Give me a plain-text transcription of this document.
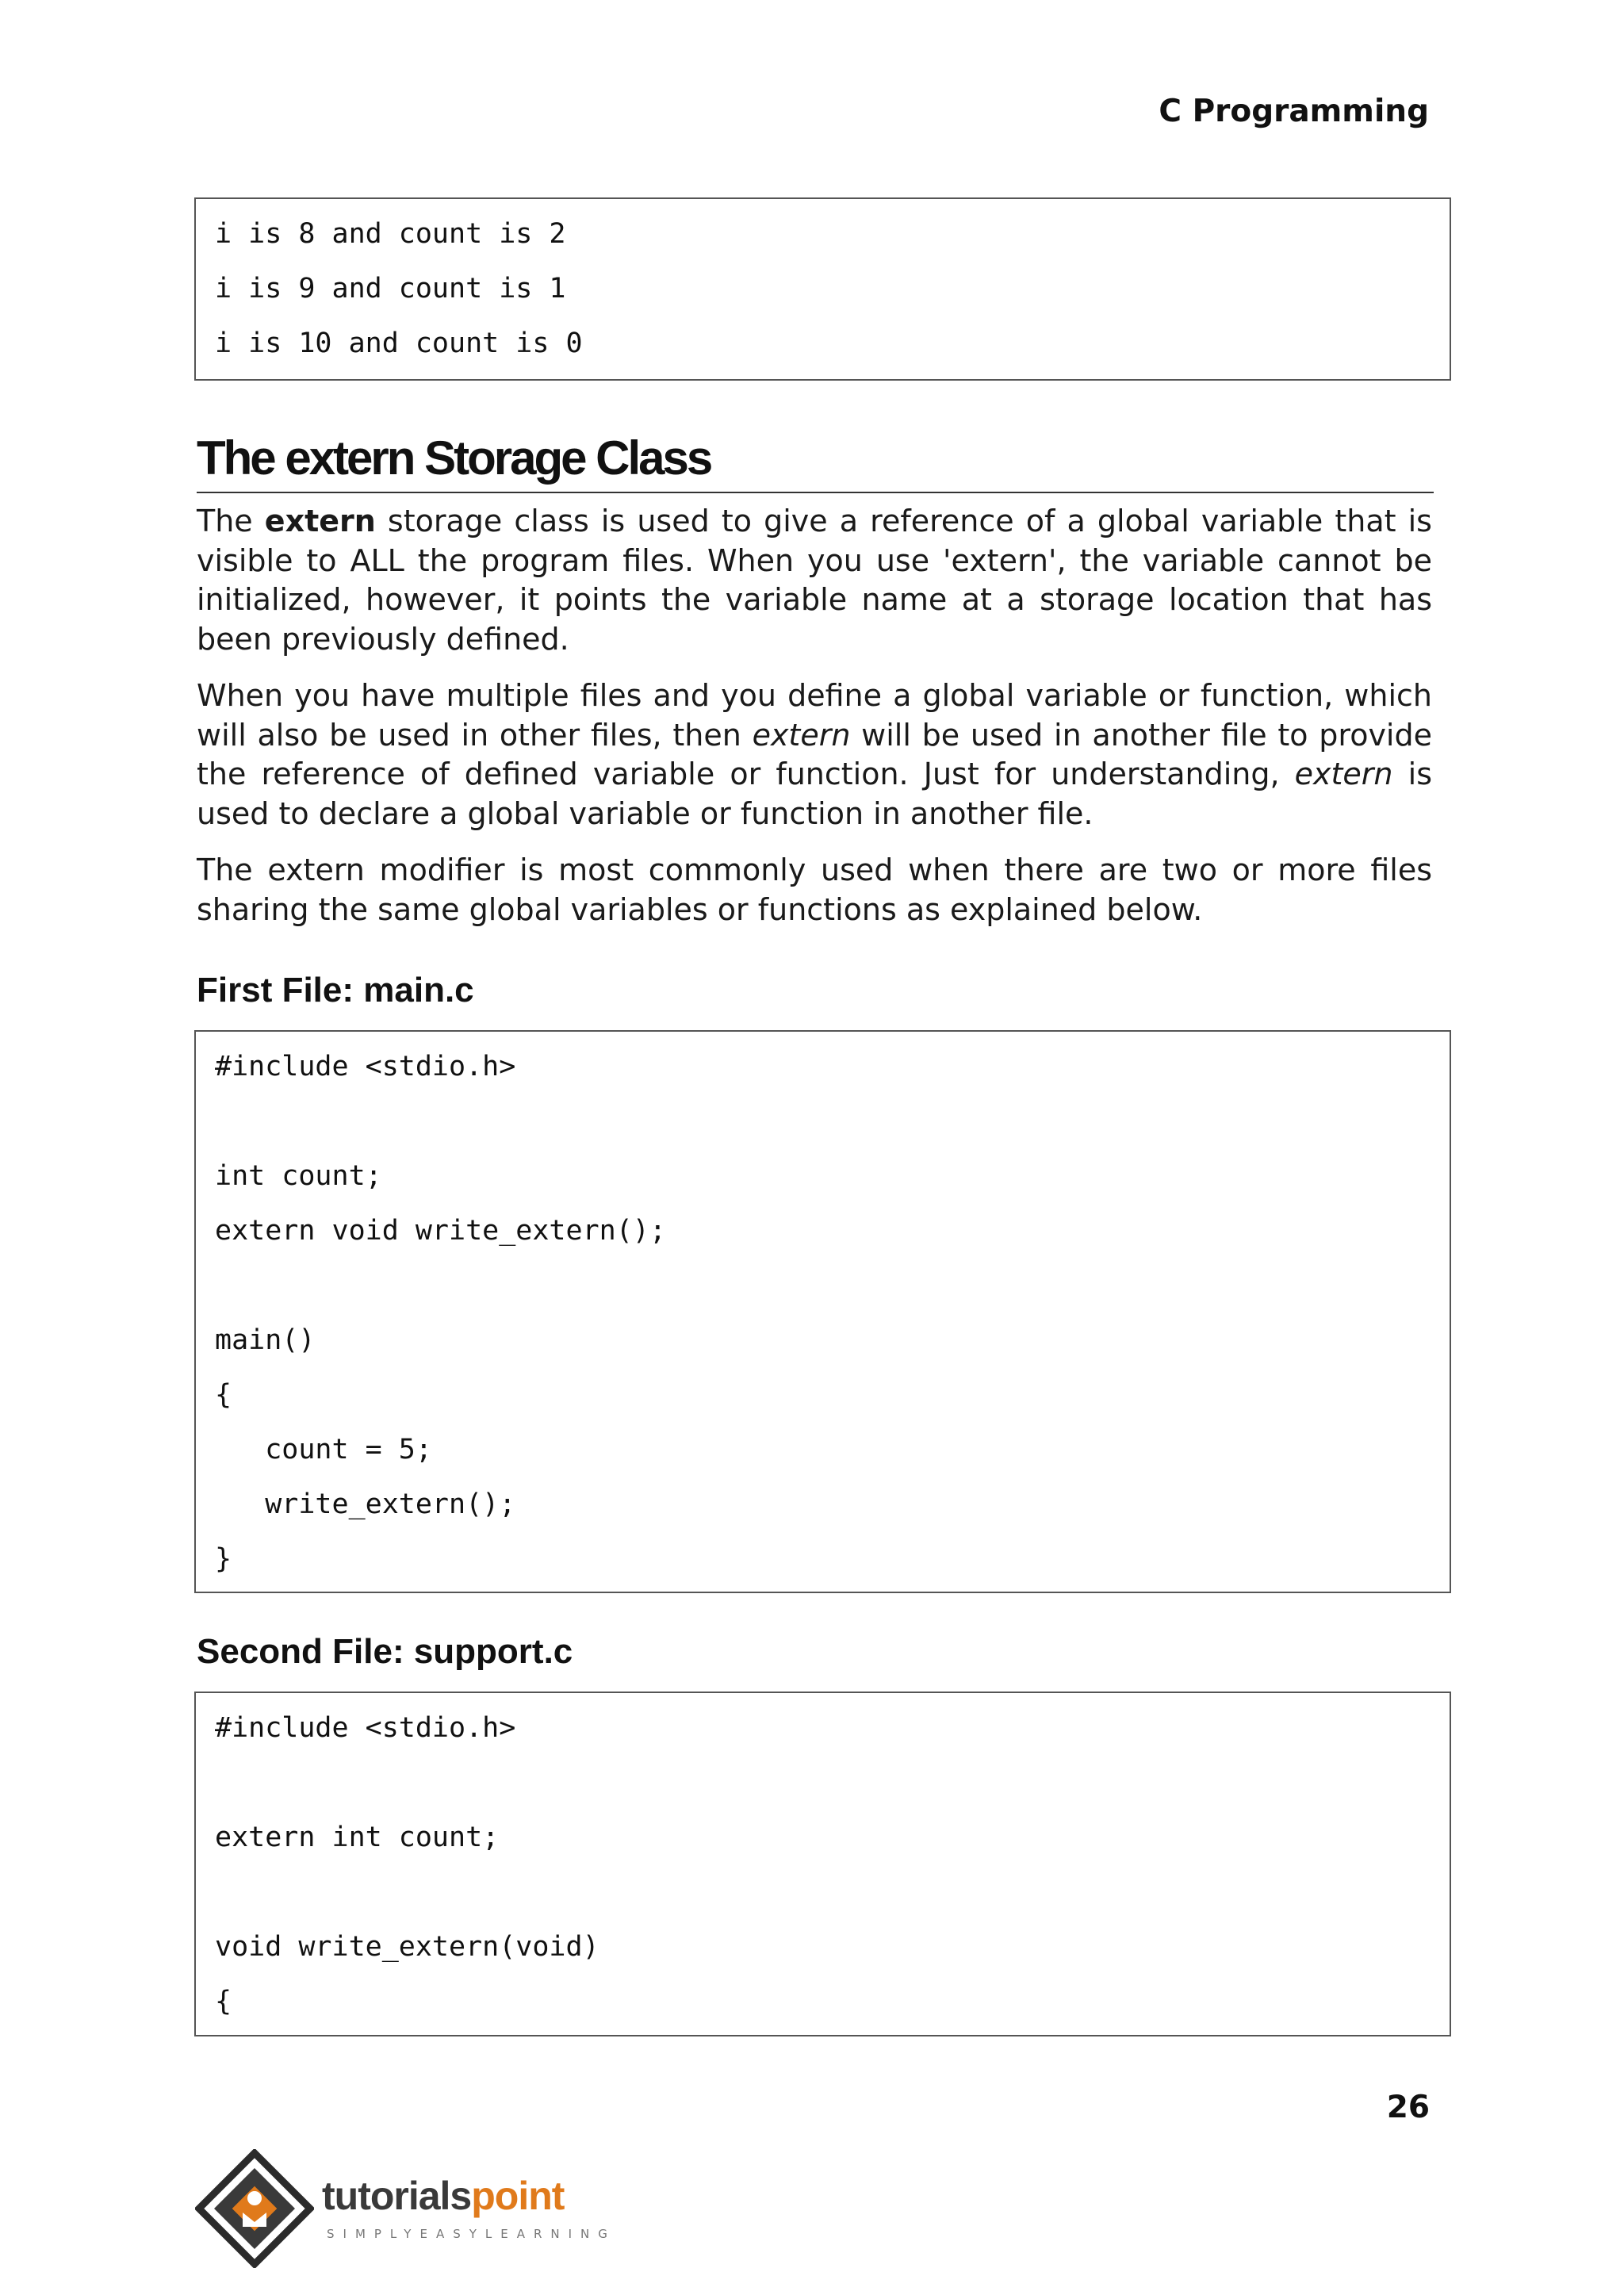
C Programming
i is 8 and count is 2
i is 9 and count is 1
i is 10 and count is 0
The extern Storage Class

The extern storage class is used to give a reference of a global variable that is visible to ALL the program files. When you use 'extern', the variable cannot be initialized, however, it points the variable name at a storage location that has been previously defined.

When you have multiple files and you define a global variable or function, which will also be used in other files, then extern will be used in another file to provide the reference of defined variable or function. Just for understanding, extern is used to declare a global variable or function in another file.

The extern modifier is most commonly used when there are two or more files sharing the same global variables or functions as explained below.

First File: main.c
#include <stdio.h>
int count;
extern void write_extern();
main()
{
count = 5;
write_extern();
}
Second File: support.c
#include <stdio.h>
extern int count;
void write_extern(void)
{
26
tutorialspoint
SIMPLYEASYLEARNING
